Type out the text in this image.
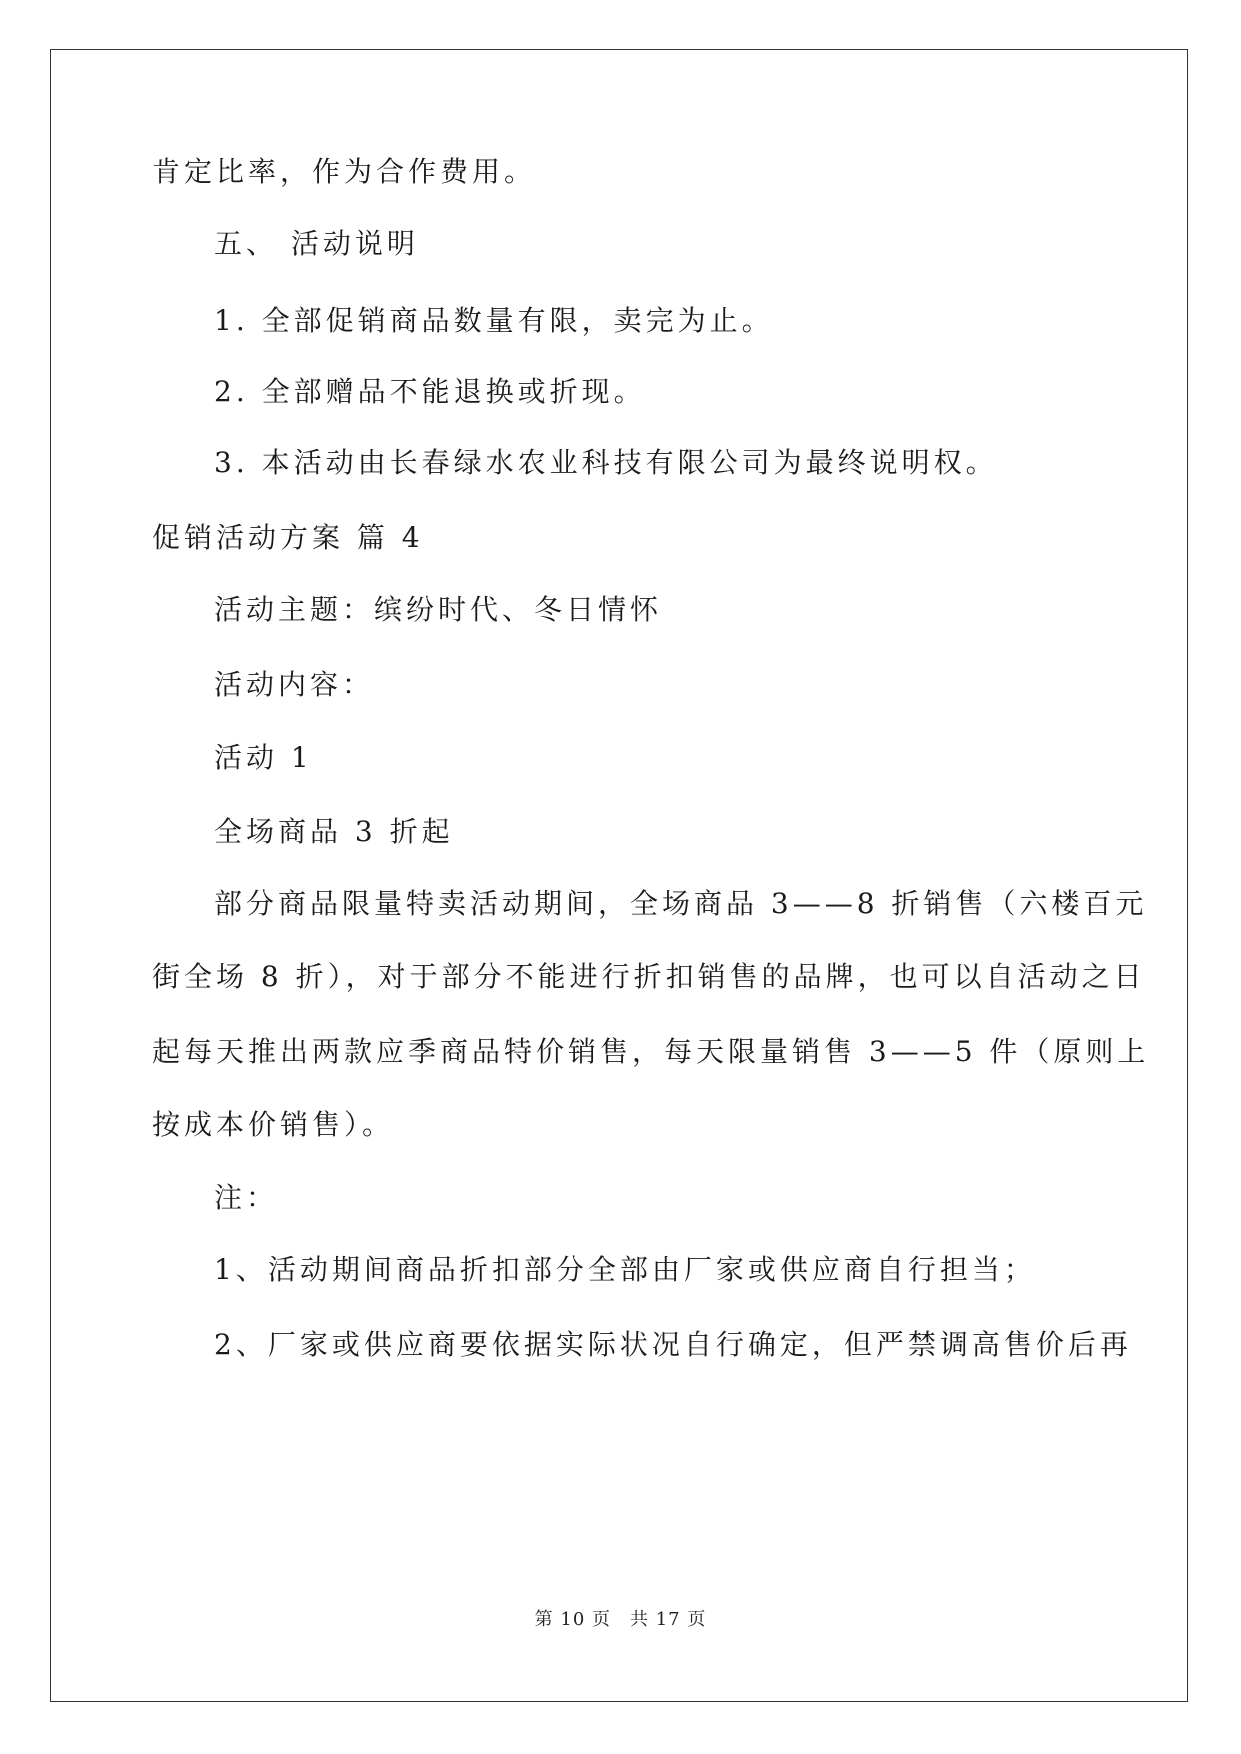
肯定比率，作为合作费用。
五、 活动说明
1. 全部促销商品数量有限，卖完为止。
2. 全部赠品不能退换或折现。
3. 本活动由长春绿水农业科技有限公司为最终说明权。
促销活动方案 篇 4
活动主题：缤纷时代、冬日情怀
活动内容：
活动 1
全场商品 3 折起
部分商品限量特卖活动期间，全场商品 3——8 折销售（六楼百元
街全场 8 折），对于部分不能进行折扣销售的品牌，也可以自活动之日
起每天推出两款应季商品特价销售，每天限量销售 3——5 件（原则上
按成本价销售）。
注：
1、活动期间商品折扣部分全部由厂家或供应商自行担当；
2、厂家或供应商要依据实际状况自行确定，但严禁调高售价后再
第 10 页　共 17 页
